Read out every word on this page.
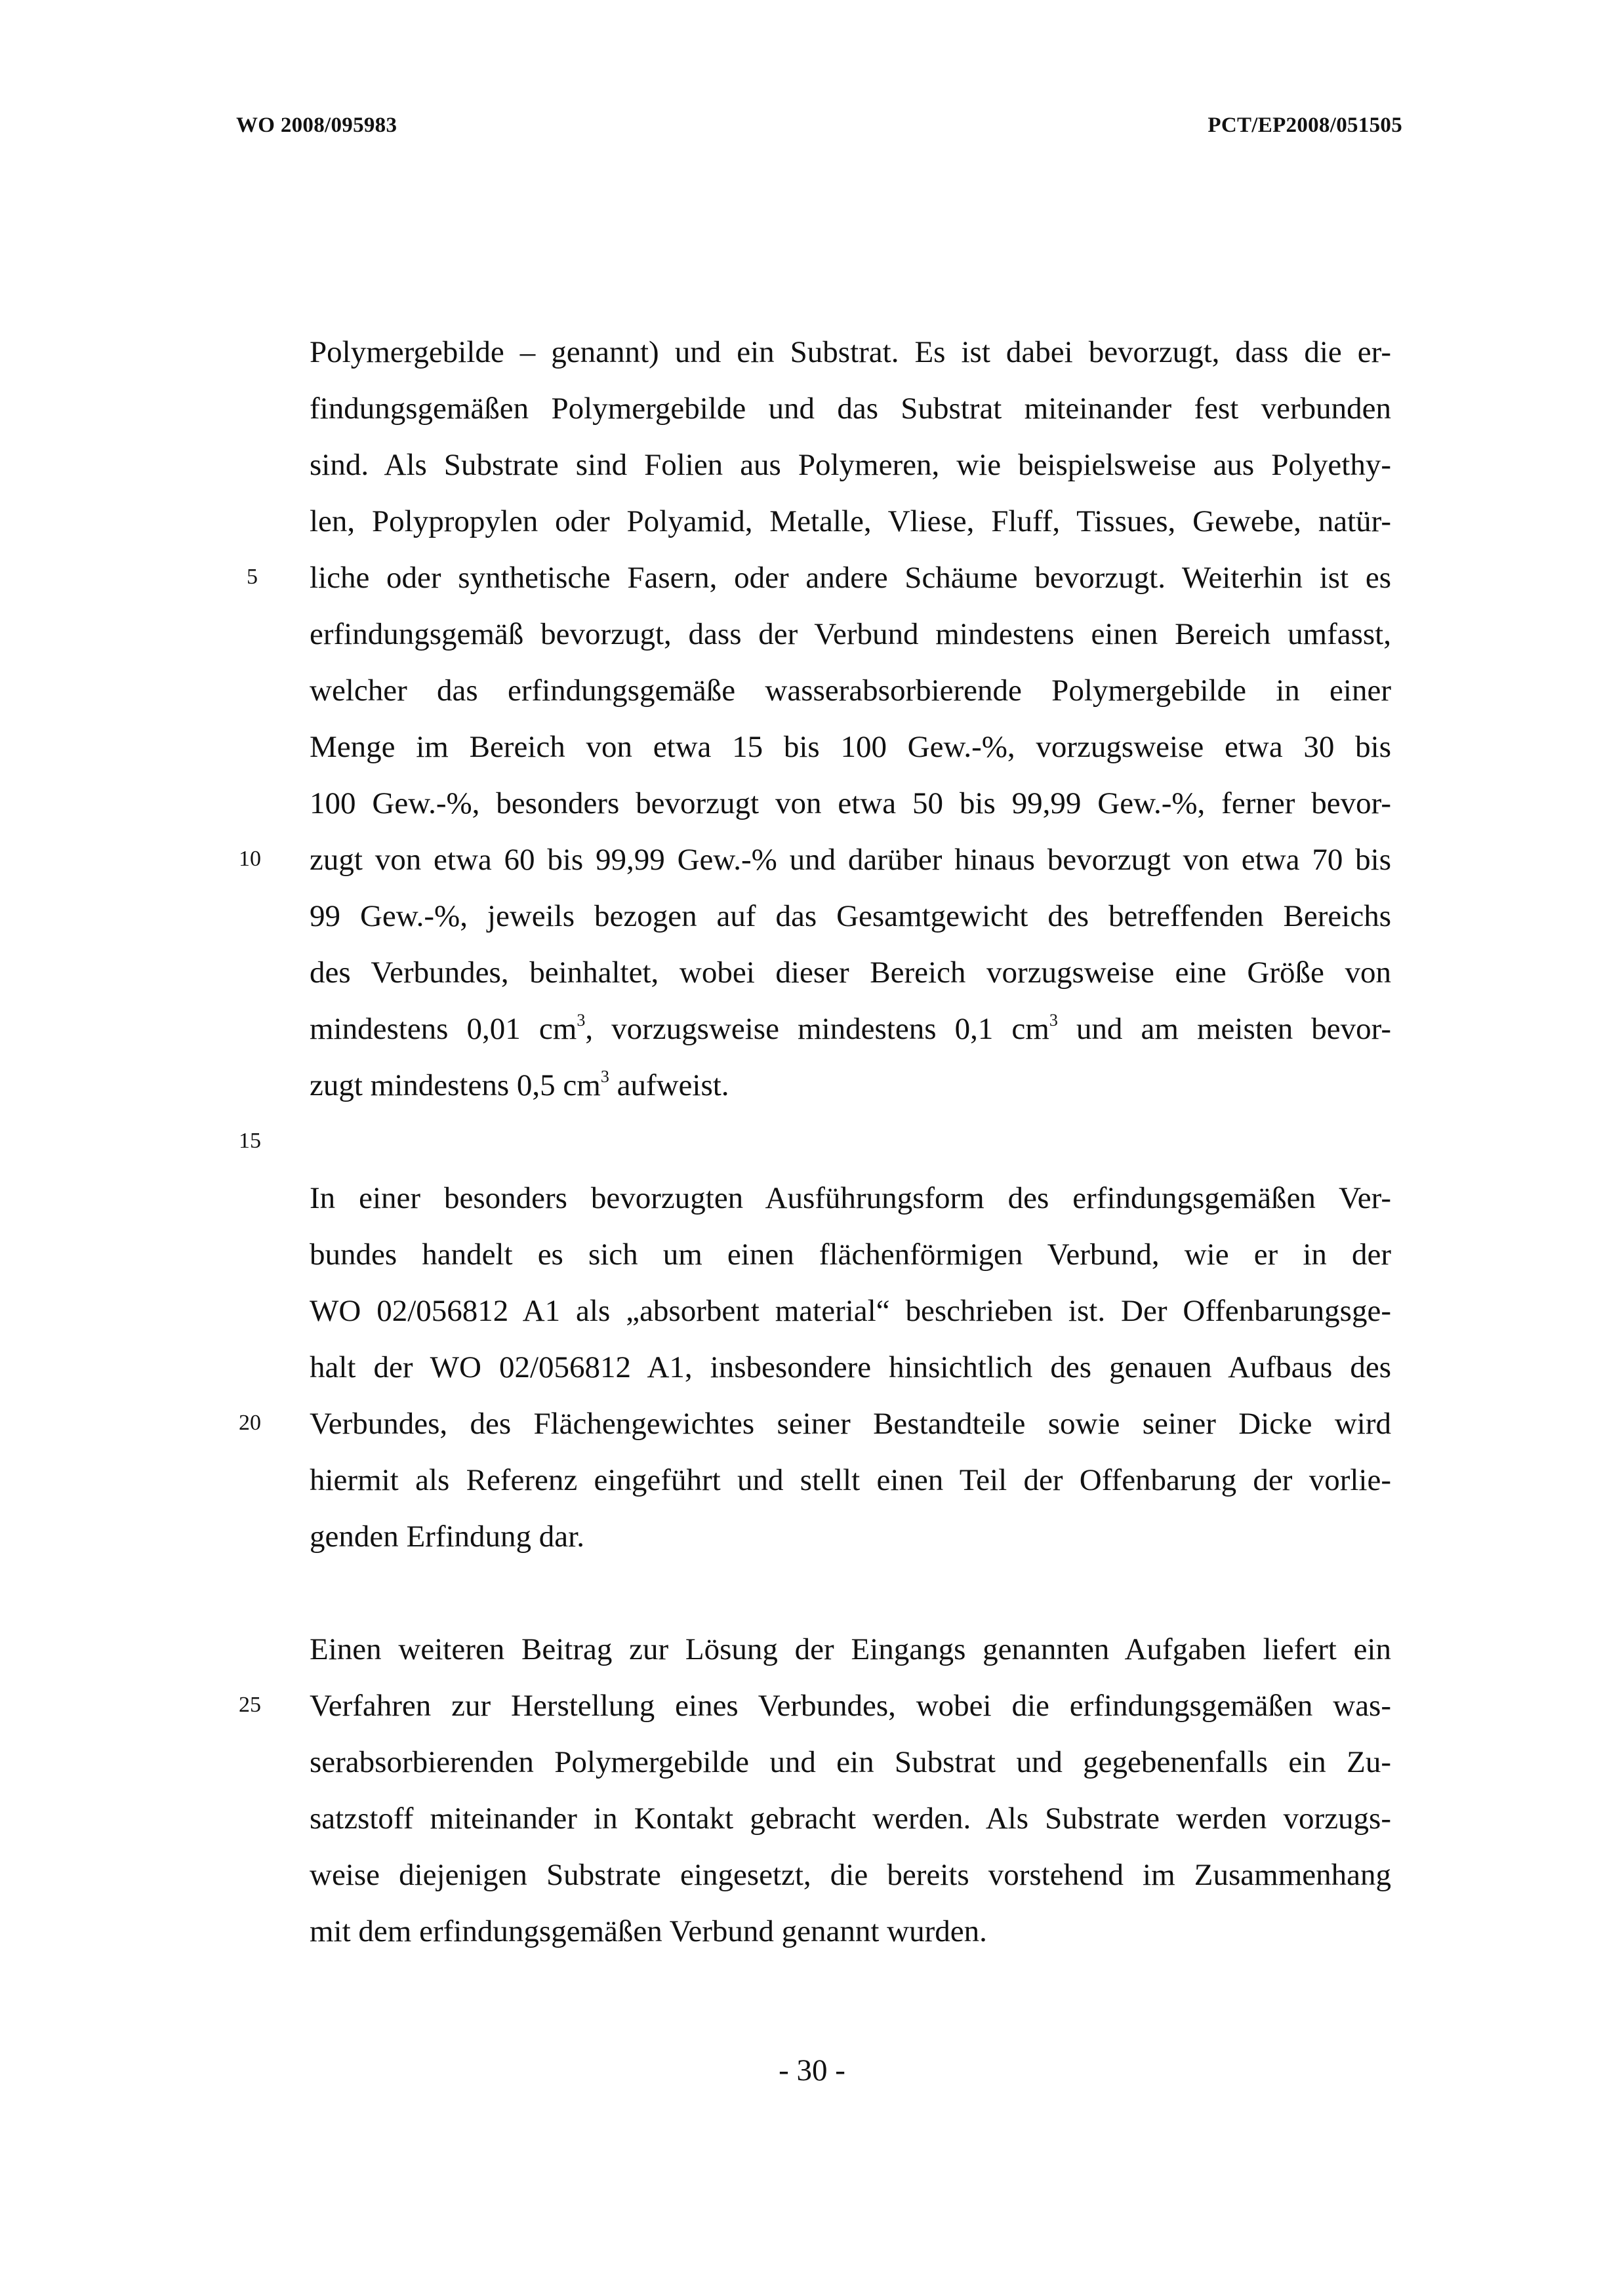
WO 2008/095983	PCT/EP2008/051505
Polymergebilde – genannt) und ein Substrat. Es ist dabei bevorzugt, dass die er-
findungsgemäßen Polymergebilde und das Substrat miteinander fest verbunden
sind. Als Substrate sind Folien aus Polymeren, wie beispielsweise aus Polyethy-
len, Polypropylen oder Polyamid, Metalle, Vliese, Fluff, Tissues, Gewebe, natür-
liche oder synthetische Fasern, oder andere Schäume bevorzugt. Weiterhin ist es
erfindungsgemäß bevorzugt, dass der Verbund mindestens einen Bereich umfasst,
welcher das erfindungsgemäße wasserabsorbierende Polymergebilde in einer
Menge im Bereich von etwa 15 bis 100 Gew.-%, vorzugsweise etwa 30 bis
100 Gew.-%, besonders bevorzugt von etwa 50 bis 99,99 Gew.-%, ferner bevor-
zugt von etwa 60 bis 99,99 Gew.-% und darüber hinaus bevorzugt von etwa 70 bis
99 Gew.-%, jeweils bezogen auf das Gesamtgewicht des betreffenden Bereichs
des Verbundes, beinhaltet, wobei dieser Bereich vorzugsweise eine Größe von
mindestens 0,01 $cm^3$, vorzugsweise mindestens 0,1 $cm^3$ und am meisten bevor-
zugt mindestens 0,5 $cm^3$ aufweist.
In einer besonders bevorzugten Ausführungsform des erfindungsgemäßen Ver-
bundes handelt es sich um einen flächenförmigen Verbund, wie er in der
WO 02/056812 A1 als „absorbent material“ beschrieben ist. Der Offenbarungsge-
halt der WO 02/056812 A1, insbesondere hinsichtlich des genauen Aufbaus des
Verbundes, des Flächengewichtes seiner Bestandteile sowie seiner Dicke wird
hiermit als Referenz eingeführt und stellt einen Teil der Offenbarung der vorlie-
genden Erfindung dar.
Einen weiteren Beitrag zur Lösung der Eingangs genannten Aufgaben liefert ein
Verfahren zur Herstellung eines Verbundes, wobei die erfindungsgemäßen was-
serabsorbierenden Polymergebilde und ein Substrat und gegebenenfalls ein Zu-
satzstoff miteinander in Kontakt gebracht werden. Als Substrate werden vorzugs-
weise diejenigen Substrate eingesetzt, die bereits vorstehend im Zusammenhang
mit dem erfindungsgemäßen Verbund genannt wurden.
5
10
15
20
25
- 30 -
